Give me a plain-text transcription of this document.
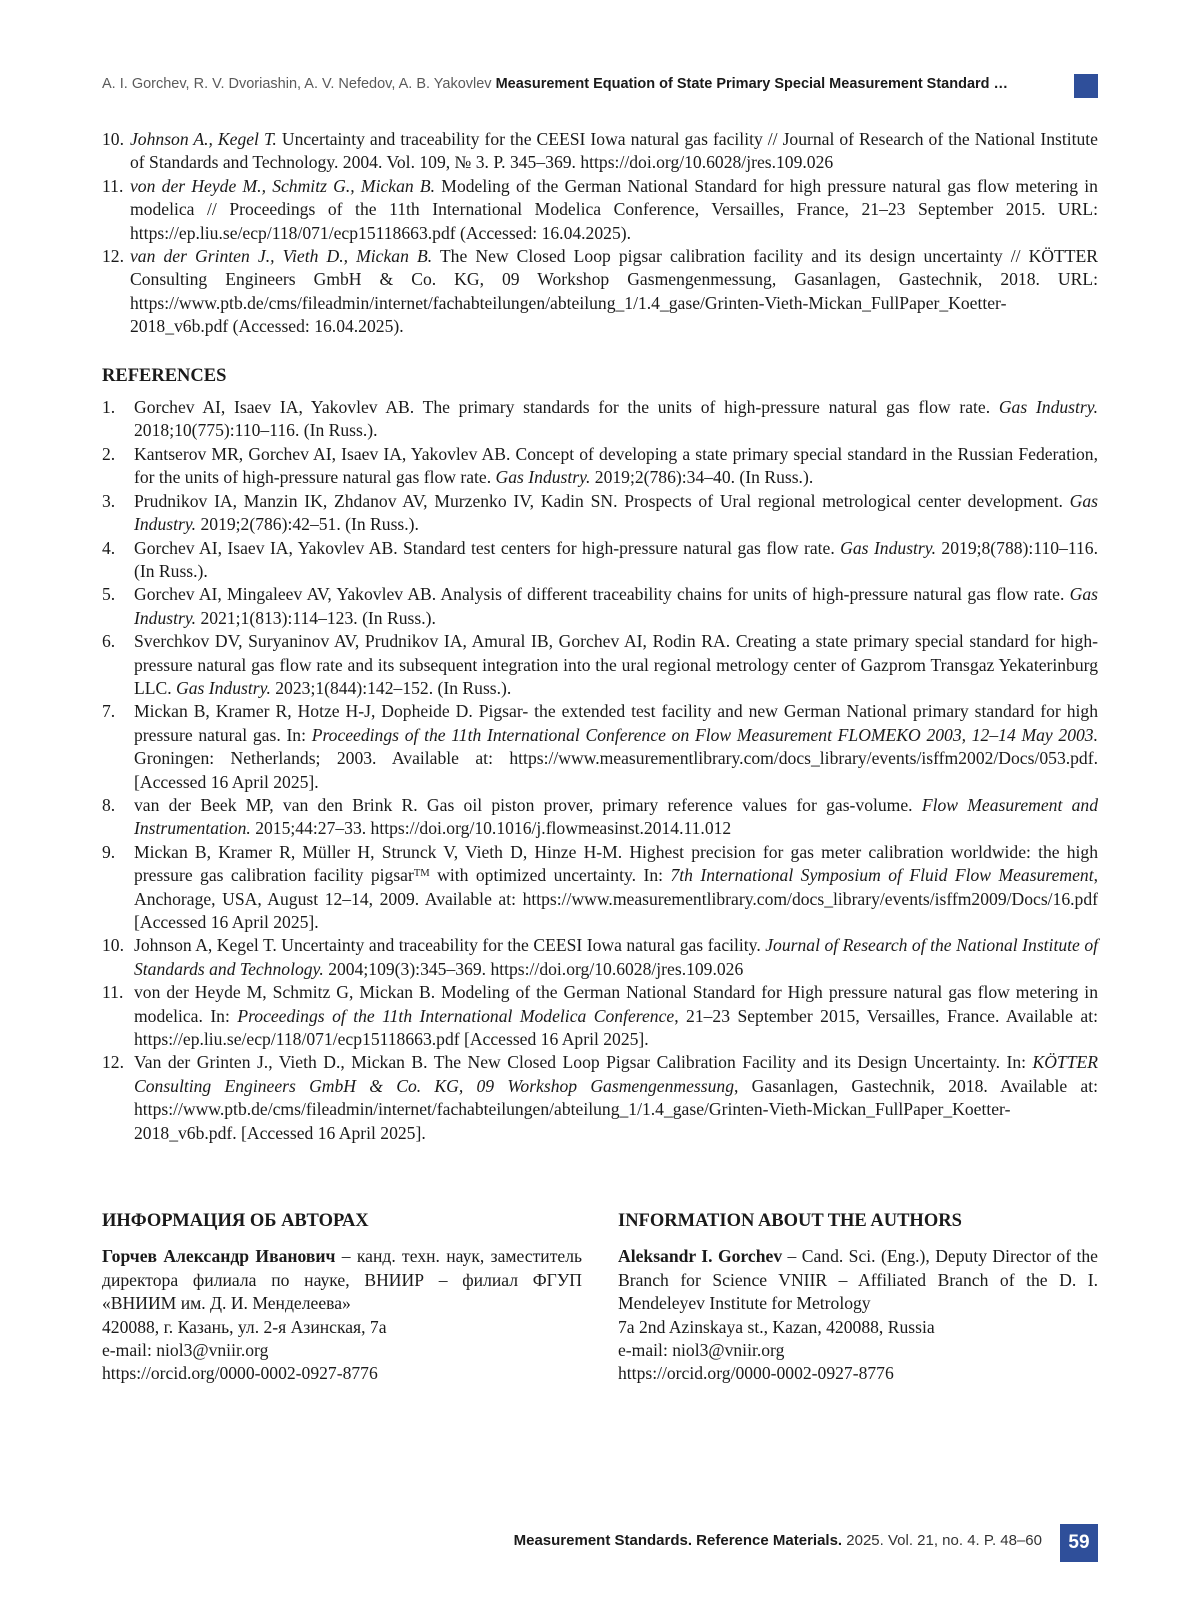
A. I. Gorchev, R. V. Dvoriashin, A. V. Nefedov, A. B. Yakovlev Measurement Equation of State Primary Special Measurement Standard …
10. Johnson A., Kegel T. Uncertainty and traceability for the CEESI Iowa natural gas facility // Journal of Research of the National Institute of Standards and Technology. 2004. Vol. 109, № 3. P. 345–369. https://doi.org/10.6028/jres.109.026
11. von der Heyde M., Schmitz G., Mickan B. Modeling of the German National Standard for high pressure natural gas flow metering in modelica // Proceedings of the 11th International Modelica Conference, Versailles, France, 21–23 September 2015. URL: https://ep.liu.se/ecp/118/071/ecp15118663.pdf (Accessed: 16.04.2025).
12. van der Grinten J., Vieth D., Mickan B. The New Closed Loop pigsar calibration facility and its design uncertainty // KÖTTER Consulting Engineers GmbH & Co. KG, 09 Workshop Gasmengenmessung, Gasanlagen, Gastechnik, 2018. URL: https://www.ptb.de/cms/fileadmin/internet/fachabteilungen/abteilung_1/1.4_gase/Grinten-Vieth-Mickan_FullPaper_Koetter-2018_v6b.pdf (Accessed: 16.04.2025).
REFERENCES
1.	Gorchev AI, Isaev IA, Yakovlev AB. The primary standards for the units of high-pressure natural gas flow rate. Gas Industry. 2018;10(775):110–116. (In Russ.).
2.	Kantserov MR, Gorchev AI, Isaev IA, Yakovlev AB. Concept of developing a state primary special standard in the Russian Federation, for the units of high-pressure natural gas flow rate. Gas Industry. 2019;2(786):34–40. (In Russ.).
3.	Prudnikov IA, Manzin IK, Zhdanov AV, Murzenko IV, Kadin SN. Prospects of Ural regional metrological center development. Gas Industry. 2019;2(786):42–51. (In Russ.).
4.	Gorchev AI, Isaev IA, Yakovlev AB. Standard test centers for high-pressure natural gas flow rate. Gas Industry. 2019;8(788):110–116. (In Russ.).
5.	Gorchev AI, Mingaleev AV, Yakovlev AB. Analysis of different traceability chains for units of high-pressure natural gas flow rate. Gas Industry. 2021;1(813):114–123. (In Russ.).
6.	Sverchkov DV, Suryaninov AV, Prudnikov IA, Amural IB, Gorchev AI, Rodin RA. Creating a state primary special standard for high-pressure natural gas flow rate and its subsequent integration into the ural regional metrology center of Gazprom Transgaz Yekaterinburg LLC. Gas Industry. 2023;1(844):142–152. (In Russ.).
7.	Mickan B, Kramer R, Hotze H-J, Dopheide D. Pigsar- the extended test facility and new German National primary standard for high pressure natural gas. In: Proceedings of the 11th International Conference on Flow Measurement FLOMEKO 2003, 12–14 May 2003. Groningen: Netherlands; 2003. Available at: https://www.measurementlibrary.com/docs_library/events/isffm2002/Docs/053.pdf. [Accessed 16 April 2025].
8.	van der Beek MP, van den Brink R. Gas oil piston prover, primary reference values for gas-volume. Flow Measurement and Instrumentation. 2015;44:27–33. https://doi.org/10.1016/j.flowmeasinst.2014.11.012
9.	Mickan B, Kramer R, Müller H, Strunck V, Vieth D, Hinze H-M. Highest precision for gas meter calibration worldwide: the high pressure gas calibration facility pigsarᵀᴹ with optimized uncertainty. In: 7th International Symposium of Fluid Flow Measurement, Anchorage, USA, August 12–14, 2009. Available at: https://www.measurementlibrary.com/docs_library/events/isffm2009/Docs/16.pdf [Accessed 16 April 2025].
10. Johnson A, Kegel T. Uncertainty and traceability for the CEESI Iowa natural gas facility. Journal of Research of the National Institute of Standards and Technology. 2004;109(3):345–369. https://doi.org/10.6028/jres.109.026
11. von der Heyde M, Schmitz G, Mickan B. Modeling of the German National Standard for High pressure natural gas flow metering in modelica. In: Proceedings of the 11th International Modelica Conference, 21–23 September 2015, Versailles, France. Available at: https://ep.liu.se/ecp/118/071/ecp15118663.pdf [Accessed 16 April 2025].
12. Van der Grinten J., Vieth D., Mickan B. The New Closed Loop Pigsar Calibration Facility and its Design Uncertainty. In: KÖTTER Consulting Engineers GmbH & Co. KG, 09 Workshop Gasmengenmessung, Gasanlagen, Gastechnik, 2018. Available at: https://www.ptb.de/cms/fileadmin/internet/fachabteilungen/abteilung_1/1.4_gase/Grinten-Vieth-Mickan_FullPaper_Koetter-2018_v6b.pdf. [Accessed 16 April 2025].
ИНФОРМАЦИЯ ОБ АВТОРАХ

Горчев Александр Иванович – канд. техн. наук, заместитель директора филиала по науке, ВНИИР – филиал ФГУП «ВНИИМ им. Д. И. Менделеева»

420088, г. Казань, ул. 2-я Азинская, 7а

e-mail: niol3@vniir.org

https://orcid.org/0000-0002-0927-8776

INFORMATION ABOUT THE AUTHORS

Aleksandr I. Gorchev – Cand. Sci. (Eng.), Deputy Director of the Branch for Science VNIIR – Affiliated Branch of the D. I. Mendeleyev Institute for Metrology

7a 2nd Azinskaya st., Kazan, 420088, Russia

e-mail: niol3@vniir.org

https://orcid.org/0000-0002-0927-8776

Measurement Standards. Reference Materials. 2025. Vol. 21, no. 4. P. 48–60	59
